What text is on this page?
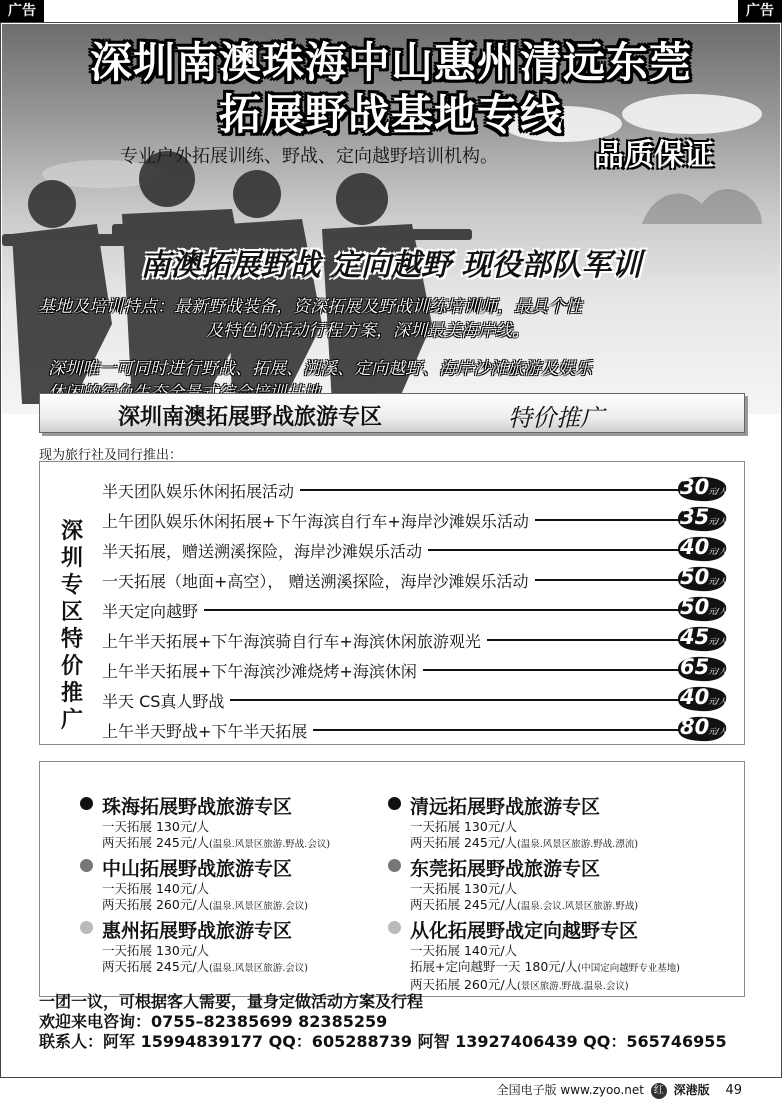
广告	广告
深圳南澳珠海中山惠州清远东莞
拓展野战基地专线
专业户外拓展训练、野战、定向越野培训机构。	品质保证
南澳拓展野战 定向越野 现役部队军训
基地及培训特点：最新野战装备，资深拓展及野战训练培训师，最具个性
及特色的活动行程方案，深圳最美海岸线。
深圳唯一可同时进行野战、拓展、溯溪、定向越野、海岸沙滩旅游及娱乐
深圳南澳拓展野战旅游专区	特价推广
现为旅行社及同行推出：
深圳专区特价推广
半天团队娱乐休闲拓展活动	30
元/人
上午团队娱乐休闲拓展+下午海滨自行车+海岸沙滩娱乐活动	35
元/人
半天拓展，赠送溯溪探险，海岸沙滩娱乐活动	40
元/人
一天拓展（地面+高空）， 赠送溯溪探险，海岸沙滩娱乐活动	50
元/人
半天定向越野	50
元/人
上午半天拓展+下午海滨骑自行车+海滨休闲旅游观光	45
元/人
上午半天拓展+下午海滨沙滩烧烤+海滨休闲	65
元/人
半天 CS真人野战	40
元/人
上午半天野战+下午半天拓展	80
元/人
珠海拓展野战旅游专区
一天拓展 130元/人
两天拓展 245元/人(温泉.风景区旅游.野战.会议)
清远拓展野战旅游专区
一天拓展 130元/人
两天拓展 245元/人(温泉.风景区旅游.野战.漂流)
中山拓展野战旅游专区
一天拓展 140元/人
两天拓展 260元/人(温泉.风景区旅游.会议)
东莞拓展野战旅游专区
一天拓展 130元/人
两天拓展 245元/人(温泉.会议.风景区旅游.野战)
惠州拓展野战旅游专区
一天拓展 130元/人
两天拓展 245元/人(温泉.风景区旅游.会议)
从化拓展野战定向越野专区
一天拓展 140元/人
拓展+定向越野一天 180元/人(中国定向越野专业基地)
两天拓展 260元/人(景区旅游.野战.温泉.会议)
一团一议，可根据客人需要，量身定做活动方案及行程
欢迎来电咨询：0755–82385699 82385259
联系人：阿军 15994839177 QQ：605288739 阿智 13927406439 QQ：565746955
全国电子版 www.zyoo.net 红 深港版 49
